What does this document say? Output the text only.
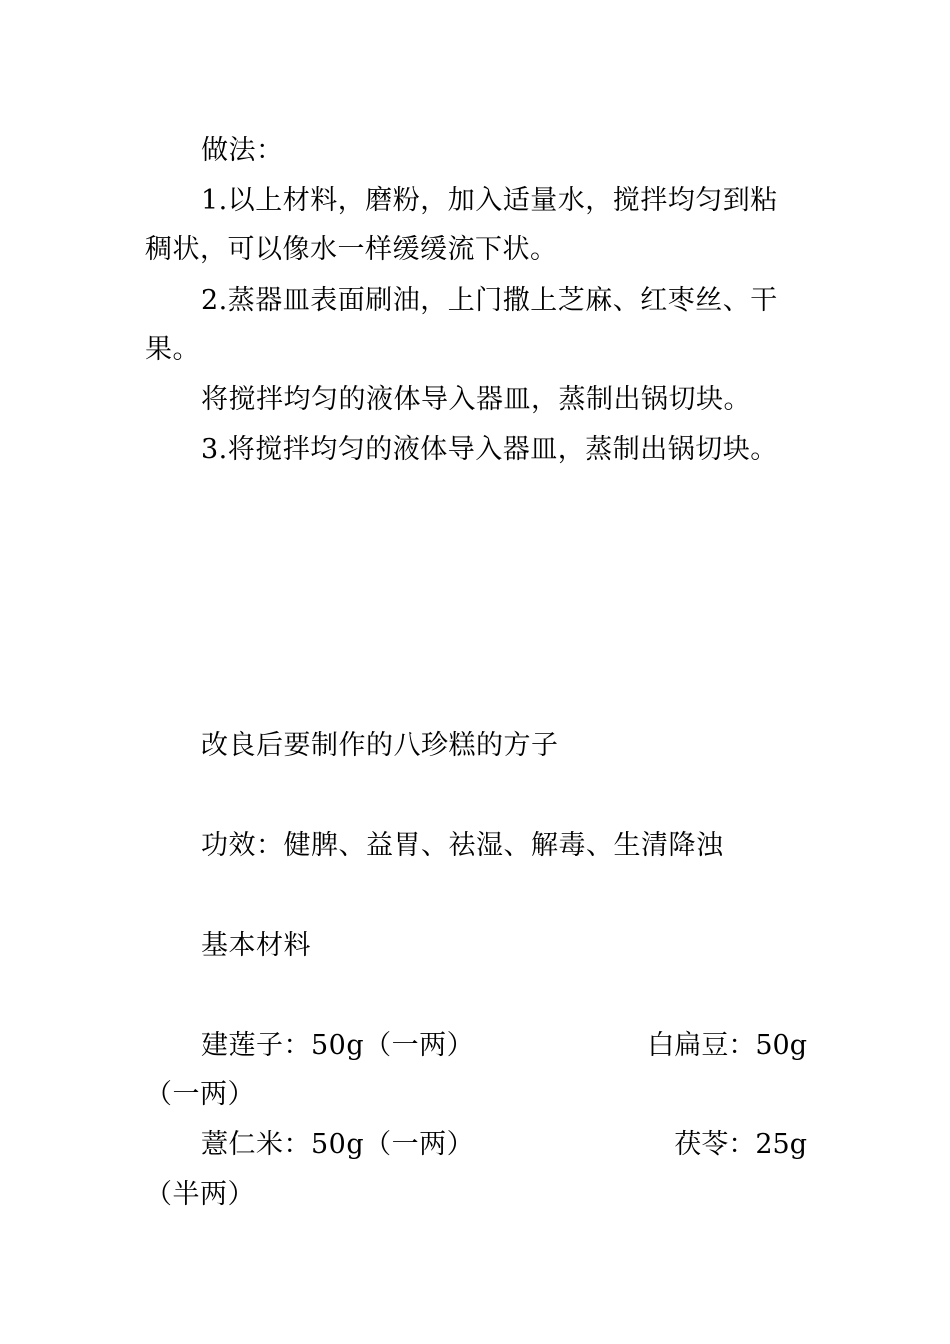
做法：
1.以上材料，磨粉，加入适量水，搅拌均匀到粘
稠状，可以像水一样缓缓流下状。
2.蒸器皿表面刷油，上门撒上芝麻、红枣丝、干
果。
将搅拌均匀的液体导入器皿，蒸制出锅切块。
3.将搅拌均匀的液体导入器皿，蒸制出锅切块。
改良后要制作的八珍糕的方子
功效：健脾、益胃、祛湿、解毒、生清降浊
基本材料
建莲子：50g（一两）	白扁豆：50g
（一两）
薏仁米：50g（一两）	茯苓：25g
（半两）
